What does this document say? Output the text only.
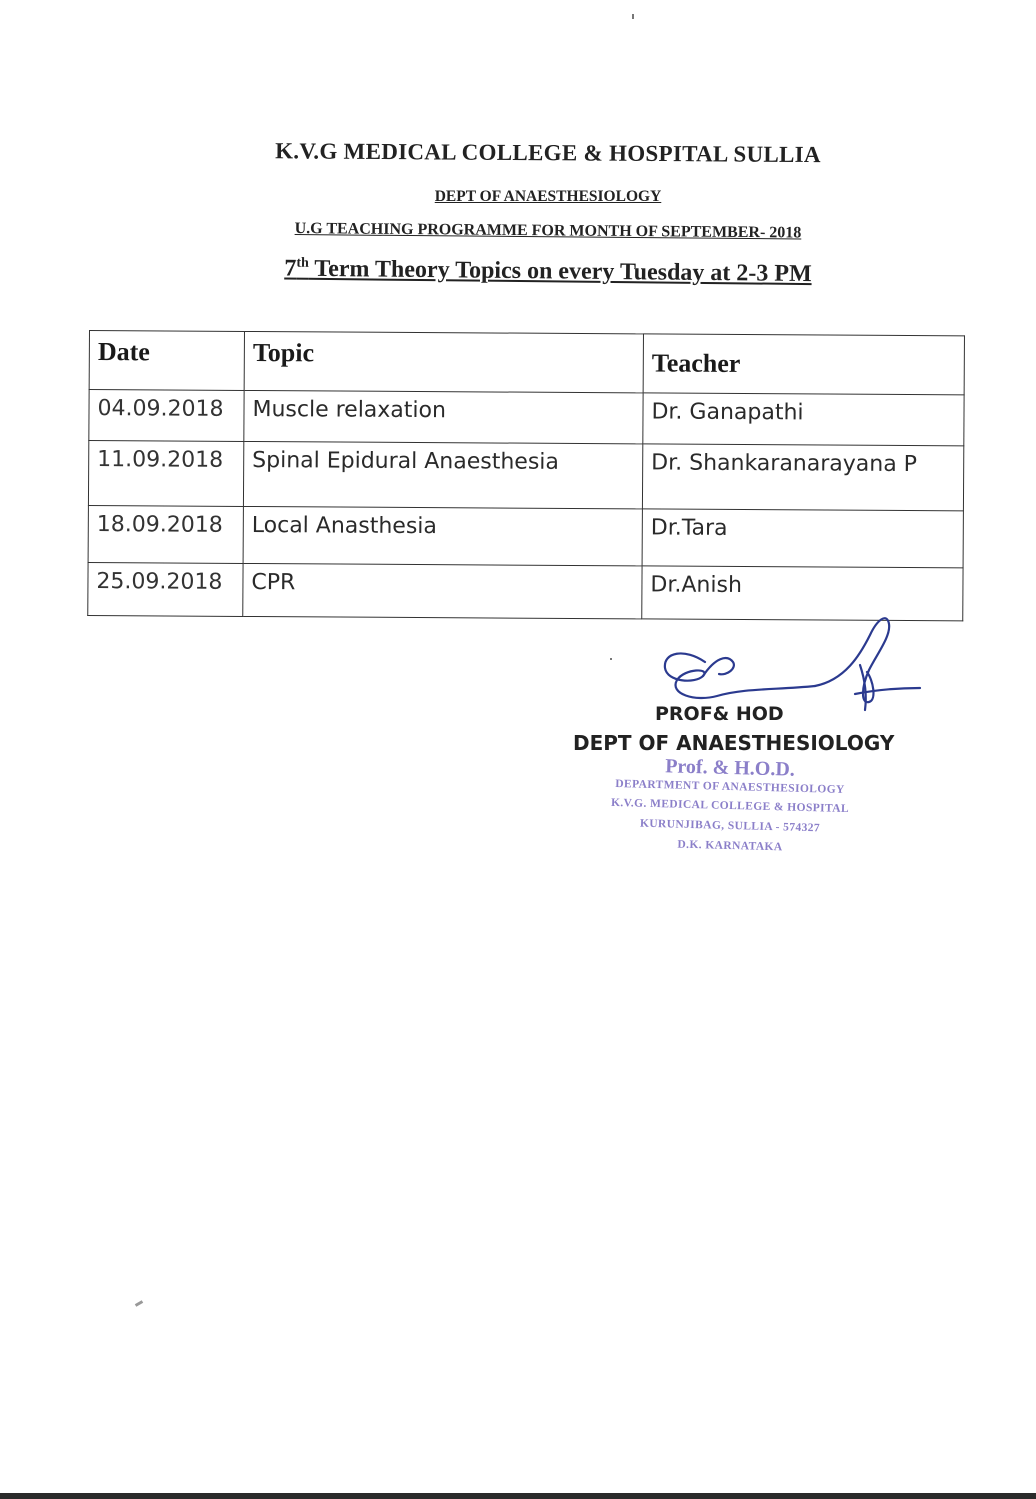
K.V.G MEDICAL COLLEGE & HOSPITAL SULLIA
DEPT OF ANAESTHESIOLOGY
U.G TEACHING PROGRAMME FOR MONTH OF SEPTEMBER- 2018
7th Term Theory Topics on every Tuesday at 2-3 PM
Date	Topic	Teacher
04.09.2018	Muscle relaxation	Dr. Ganapathi
11.09.2018	Spinal Epidural Anaesthesia	Dr. Shankaranarayana P
18.09.2018	Local Anasthesia	Dr.Tara
25.09.2018	CPR	Dr.Anish
PROF& HOD
DEPT OF ANAESTHESIOLOGY
Prof. & H.O.D.
DEPARTMENT OF ANAESTHESIOLOGY
K.V.G. MEDICAL COLLEGE & HOSPITAL
KURUNJIBAG, SULLIA - 574327
D.K. KARNATAKA
